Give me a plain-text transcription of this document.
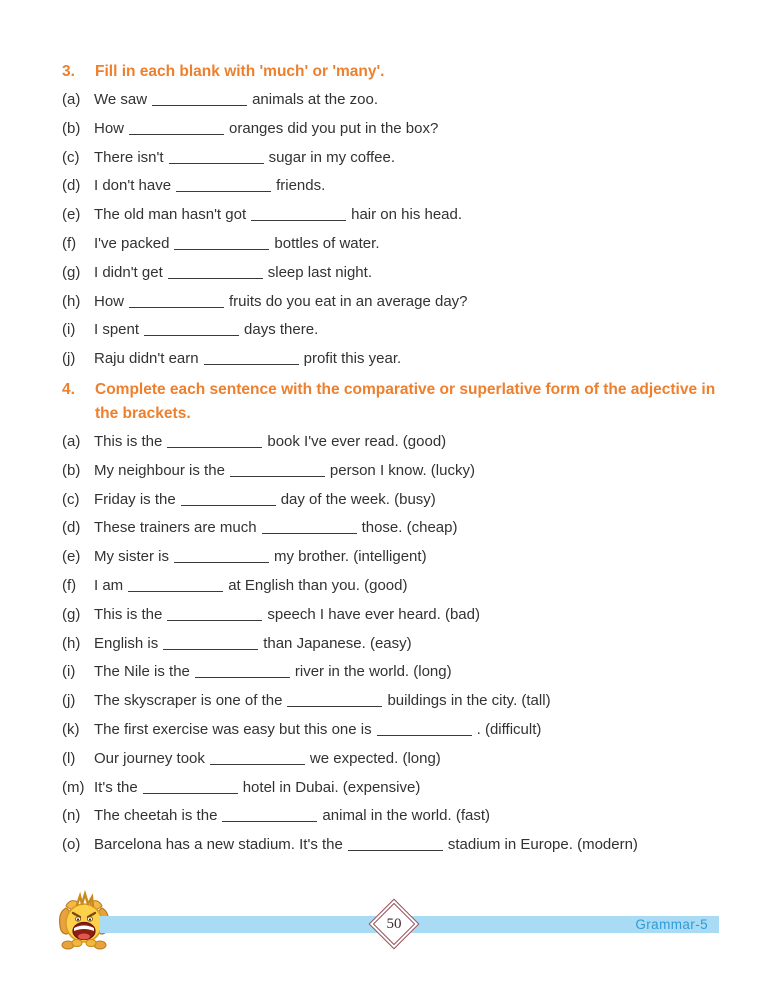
3.	Fill in each blank with 'much' or 'many'.
(a) We saw	animals at the zoo.
(b) How	oranges did you put in the box?
(c) There isn't	sugar in my coffee.
(d) I don't have	friends.
(e) The old man hasn't got	hair on his head.
(f)	I've packed	bottles of water.
(g) I didn't get	sleep last night.
(h) How	fruits do you eat in an average day?
(i)	I spent	days there.
(j)	Raju didn't earn	profit this year.
4.	Complete each sentence with the comparative or superlative form of the adjective in the brackets.
(a) This is the	book I've ever read. (good)
(b) My neighbour is the	person I know. (lucky)
(c) Friday is the	day of the week. (busy)
(d) These trainers are much	those. (cheap)
(e) My sister is	my brother. (intelligent)
(f)	I am	at English than you. (good)
(g) This is the	speech I have ever heard. (bad)
(h) English is	than Japanese. (easy)
(i)	The Nile is the	river in the world. (long)
(j)	The skyscraper is one of the	buildings in the city. (tall)
(k) The first exercise was easy but this one is	. (difficult)
(l)	Our journey took	we expected. (long)
(m) It's the	hotel in Dubai. (expensive)
(n) The cheetah is the	animal in the world. (fast)
(o) Barcelona has a new stadium. It's the	stadium in Europe. (modern)
Grammar-5
50
